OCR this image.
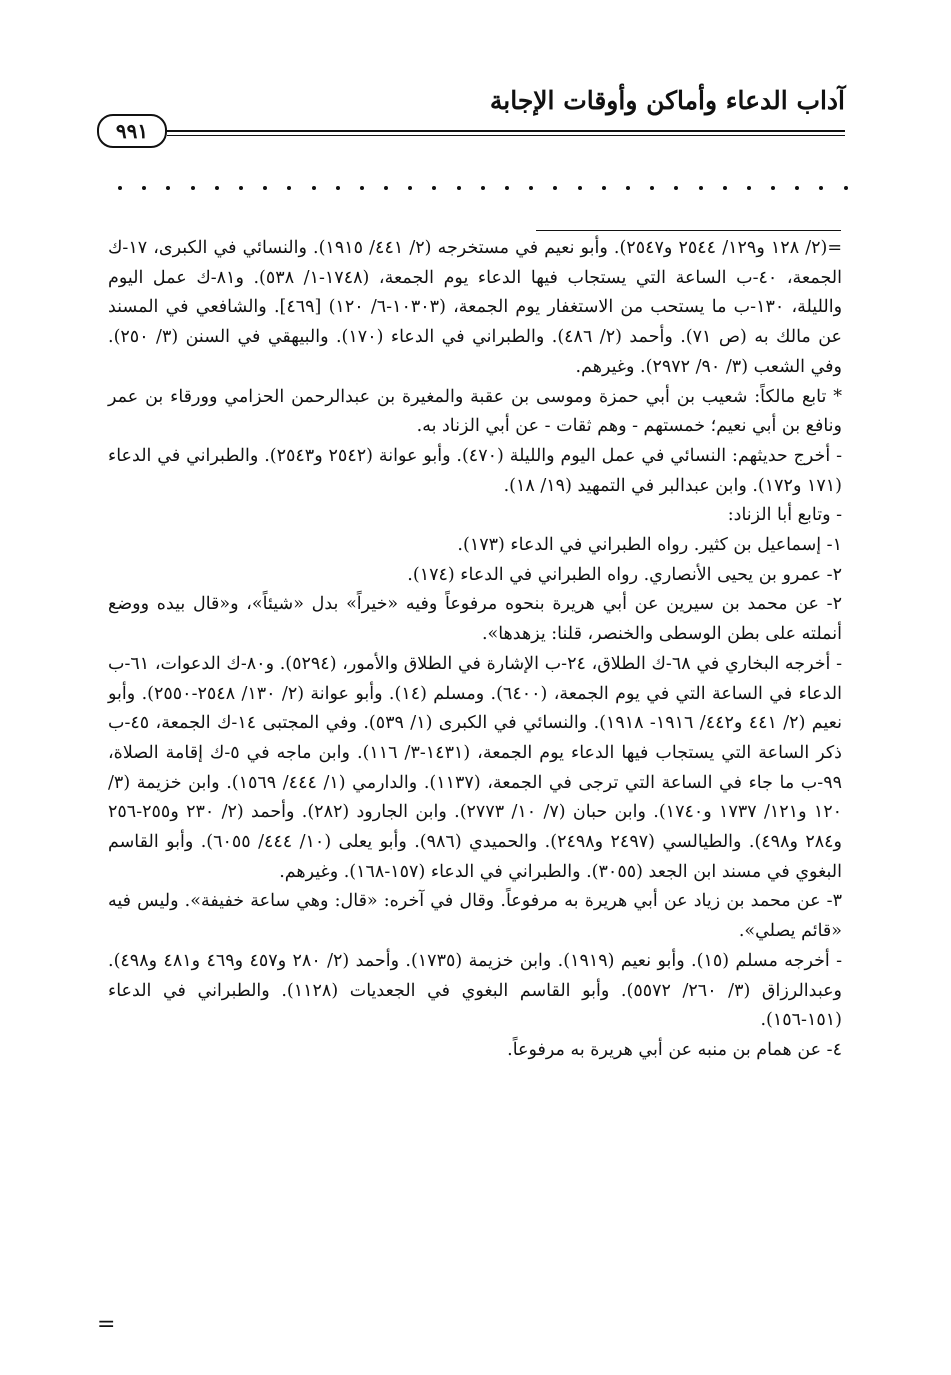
آداب الدعاء وأماكن وأوقات الإجابة
٩٩١

=(٢/ ١٢٨ و١٢٩/ ٢٥٤٤ و٢٥٤٧). وأبو نعيم في مستخرجه (٢/ ٤٤١/ ١٩١٥). والنسائي في الكبرى، ١٧-ك الجمعة، ٤٠-ب الساعة التي يستجاب فيها الدعاء يوم الجمعة، (١٧٤٨-١/ ٥٣٨). و٨١-ك عمل اليوم والليلة، ١٣٠-ب ما يستحب من الاستغفار يوم الجمعة، (١٠٣٠٣-٦/ ١٢٠) [٤٦٩]. والشافعي في المسند عن مالك به (ص ٧١). وأحمد (٢/ ٤٨٦). والطبراني في الدعاء (١٧٠). والبيهقي في السنن (٣/ ٢٥٠). وفي الشعب (٣/ ٩٠/ ٢٩٧٢). وغيرهم.

* تابع مالكاً: شعيب بن أبي حمزة وموسى بن عقبة والمغيرة بن عبدالرحمن الحزامي وورقاء بن عمر ونافع بن أبي نعيم؛ خمستهم - وهم ثقات - عن أبي الزناد به.

- أخرج حديثهم: النسائي في عمل اليوم والليلة (٤٧٠). وأبو عوانة (٢٥٤٢ و٢٥٤٣). والطبراني في الدعاء (١٧١ و١٧٢). وابن عبدالبر في التمهيد (١٩/ ١٨).

- وتابع أبا الزناد:

١- إسماعيل بن كثير. رواه الطبراني في الدعاء (١٧٣).

٢- عمرو بن يحيى الأنصاري. رواه الطبراني في الدعاء (١٧٤).

٢- عن محمد بن سيرين عن أبي هريرة بنحوه مرفوعاً وفيه «خيراً» بدل «شيئاً»، و«قال بيده ووضع أنملته على بطن الوسطى والخنصر، قلنا: يزهدها».

- أخرجه البخاري في ٦٨-ك الطلاق، ٢٤-ب الإشارة في الطلاق والأمور، (٥٢٩٤). و٨٠-ك الدعوات، ٦١-ب الدعاء في الساعة التي في يوم الجمعة، (٦٤٠٠). ومسلم (١٤). وأبو عوانة (٢/ ١٣٠/ ٢٥٤٨-٢٥٥٠). وأبو نعيم (٢/ ٤٤١ و٤٤٢/ ١٩١٦- ١٩١٨). والنسائي في الكبرى (١/ ٥٣٩). وفي المجتبى ١٤-ك الجمعة، ٤٥-ب ذكر الساعة التي يستجاب فيها الدعاء يوم الجمعة، (١٤٣١-٣/ ١١٦). وابن ماجه في ٥-ك إقامة الصلاة، ٩٩-ب ما جاء في الساعة التي ترجى في الجمعة، (١١٣٧). والدارمي (١/ ٤٤٤/ ١٥٦٩). وابن خزيمة (٣/ ١٢٠ و١٢١/ ١٧٣٧ و١٧٤٠). وابن حبان (٧/ ١٠/ ٢٧٧٣). وابن الجارود (٢٨٢). وأحمد (٢/ ٢٣٠ و٢٥٥-٢٥٦ و٢٨٤ و٤٩٨). والطيالسي (٢٤٩٧ و٢٤٩٨). والحميدي (٩٨٦). وأبو يعلى (١٠/ ٤٤٤/ ٦٠٥٥). وأبو القاسم البغوي في مسند ابن الجعد (٣٠٥٥). والطبراني في الدعاء (١٥٧-١٦٨). وغيرهم.

٣- عن محمد بن زياد عن أبي هريرة به مرفوعاً. وقال في آخره: «قال: وهي ساعة خفيفة». وليس فيه «قائم يصلي».

- أخرجه مسلم (١٥). وأبو نعيم (١٩١٩). وابن خزيمة (١٧٣٥). وأحمد (٢/ ٢٨٠ و٤٥٧ و٤٦٩ و٤٨١ و٤٩٨). وعبدالرزاق (٣/ ٢٦٠/ ٥٥٧٢). وأبو القاسم البغوي في الجعديات (١١٢٨). والطبراني في الدعاء (١٥١-١٥٦).

٤- عن همام بن منبه عن أبي هريرة به مرفوعاً.

=
